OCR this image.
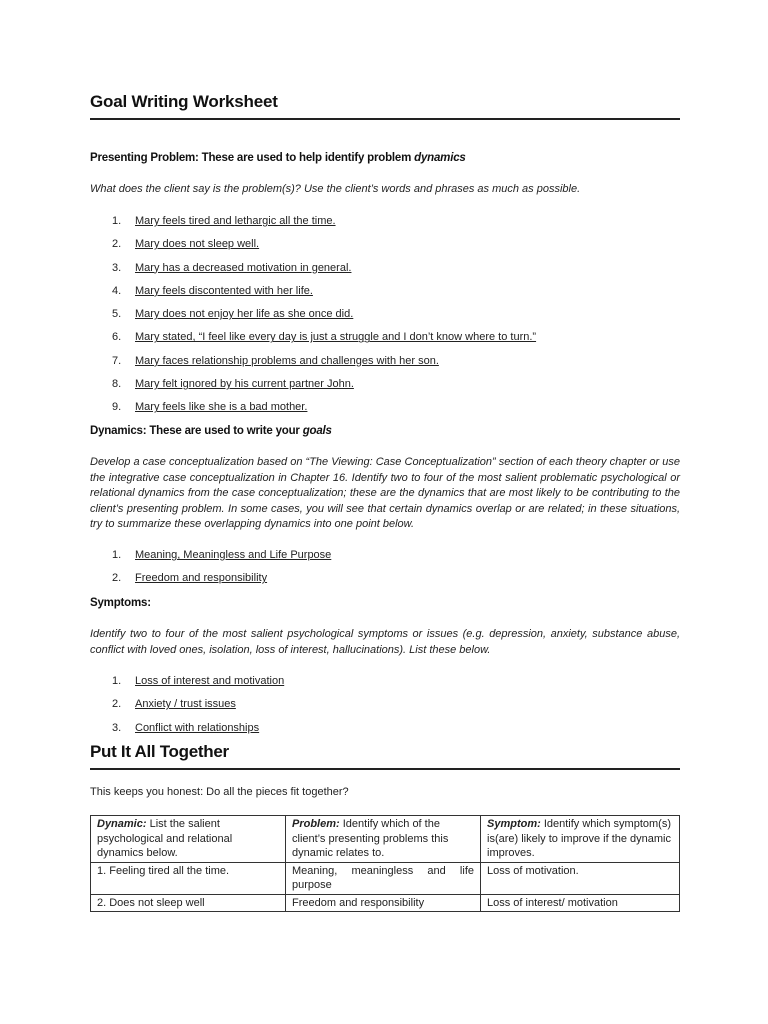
Goal Writing Worksheet

Presenting Problem: These are used to help identify problem dynamics

What does the client say is the problem(s)? Use the client’s words and phrases as much as possible.

1.	Mary feels tired and lethargic all the time.
2.	Mary does not sleep well.
3.	Mary has a decreased motivation in general.
4.	Mary feels discontented with her life.
5.	Mary does not enjoy her life as she once did.
6.	Mary stated, “I feel like every day is just a struggle and I don’t know where to turn.”
7.	Mary faces relationship problems and challenges with her son.
8.	Mary felt ignored by his current partner John.
9.	Mary feels like she is a bad mother.

Dynamics: These are used to write your goals

Develop a case conceptualization based on “The Viewing: Case Conceptualization” section of each theory chapter or use the integrative case conceptualization in Chapter 16. Identify two to four of the most salient problematic psychological or relational dynamics from the case conceptualization; these are the dynamics that are most likely to be contributing to the client’s presenting problem. In some cases, you will see that certain dynamics overlap or are related; in these situations, try to summarize these overlapping dynamics into one point below.

1.	Meaning, Meaningless and Life Purpose
2.	Freedom and responsibility

Symptoms:

Identify two to four of the most salient psychological symptoms or issues (e.g. depression, anxiety, substance abuse, conflict with loved ones, isolation, loss of interest, hallucinations). List these below.

1.	Loss of interest and motivation
2.	Anxiety / trust issues
3.	Conflict with relationships
Put It All Together

This keeps you honest: Do all the pieces fit together?

Dynamic: List the salient psychological and relational dynamics below.	Problem: Identify which of the client’s presenting problems this dynamic relates to.	Symptom: Identify which symptom(s) is(are) likely to improve if the dynamic improves.
1. Feeling tired all the time.	Meaning, meaningless and life purpose	Loss of motivation.
2. Does not sleep well	Freedom and responsibility	Loss of interest/ motivation
